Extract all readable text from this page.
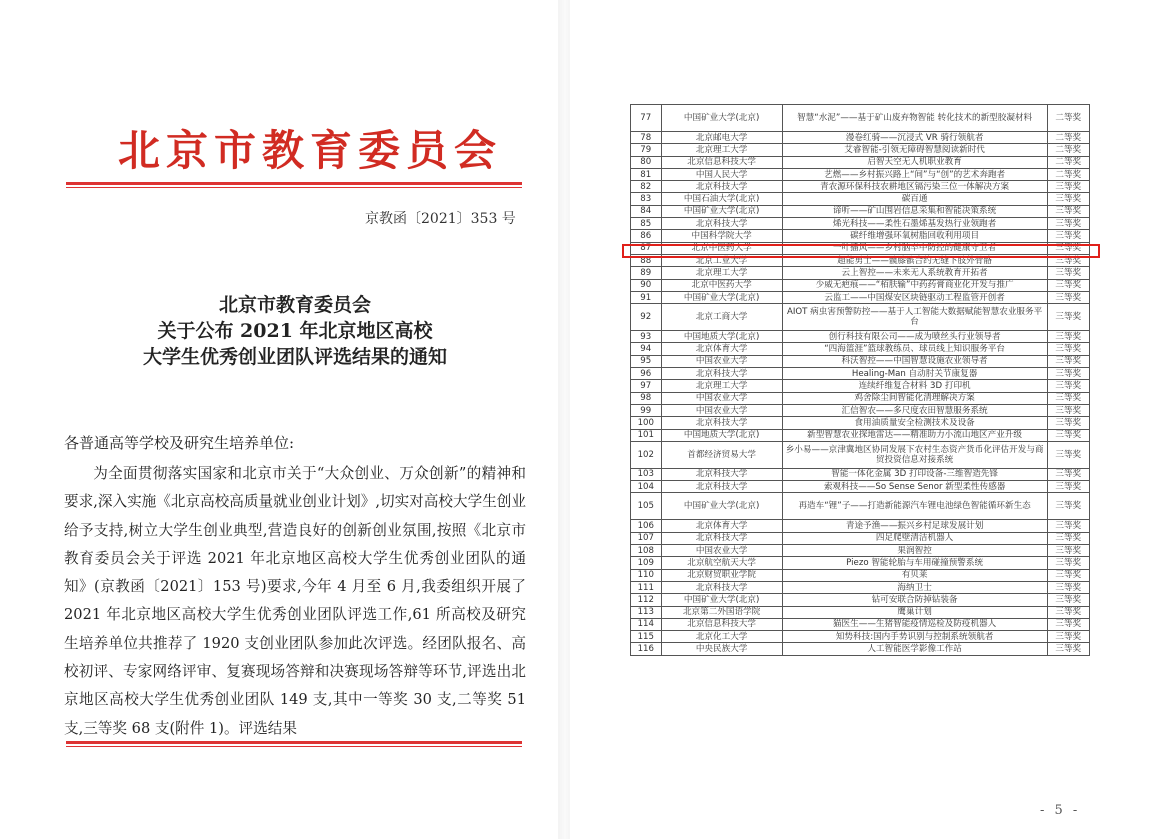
北京市教育委员会
京教函〔2021〕353 号
北京市教育委员会
关于公布 2021 年北京地区高校
大学生优秀创业团队评选结果的通知
各普通高等学校及研究生培养单位:
为全面贯彻落实国家和北京市关于“大众创业、万众创新”的精神和要求,深入实施《北京高校高质量就业创业计划》,切实对高校大学生创业给予支持,树立大学生创业典型,营造良好的创新创业氛围,按照《北京市教育委员会关于评选 2021 年北京地区高校大学生优秀创业团队的通知》(京教函〔2021〕153 号)要求,今年 4 月至 6 月,我委组织开展了 2021 年北京地区高校大学生优秀创业团队评选工作,61 所高校及研究生培养单位共推荐了 1920 支创业团队参加此次评选。经团队报名、高校初评、专家网络评审、复赛现场答辩和决赛现场答辩等环节,评选出北京地区高校大学生优秀创业团队 149 支,其中一等奖 30 支,二等奖 51 支,三等奖 68 支(附件 1)。评选结果
77	中国矿业大学(北京)	智慧“水泥”——基于矿山废弃物智能 转化技术的新型胶凝材料	二等奖
78	北京邮电大学	漫卷红骑——沉浸式 VR 骑行领航者	二等奖
79	北京理工大学	艾睿智能-引领无障碍智慧阅读新时代	二等奖
80	北京信息科技大学	启智天空无人机职业教育	二等奖
81	中国人民大学	艺燃——乡村振兴路上“间”与“创”的艺术奔跑者	二等奖
82	北京科技大学	青农源环保科技农耕地区镉污染三位一体解决方案	三等奖
83	中国石油大学(北京)	碳百通	三等奖
84	中国矿业大学(北京)	谛听——矿山围岩信息采集和智能决策系统	三等奖
85	北京科技大学	烯光科技——柔性石墨烯基发热行业领跑者	三等奖
86	中国科学院大学	碳纤维增强环氧树脂回收利用项目	三等奖
87	北京中医药大学	一叶播风——乡村脑卒中防控的健康守卫者	三等奖
88	北京工业大学	超能勇士——髋膝髌合约无缝下肢外骨骼	三等奖
89	北京理工大学	云上智控——未来无人系统教育开拓者	三等奖
90	北京中医药大学	少威无疤痕——“栢肤输”中药药膏商业化开发与推广	三等奖
91	中国矿业大学(北京)	云监工——中国煤安区块链驱动工程监管开创者	三等奖
92	北京工商大学	AIOT 病虫害预警防控——基于人工智能大数据赋能智慧农业服务平台	三等奖
93	中国地质大学(北京)	创行科技有限公司——成为喷丝头行业领导者	三等奖
94	北京体育大学	“四海篮涯”篮球教练员、球员线上知识服务平台	三等奖
95	中国农业大学	科沃智控——中国智慧设施农业领导者	三等奖
96	北京科技大学	Healing-Man 自动肘关节康复器	三等奖
97	北京理工大学	连续纤维复合材料 3D 打印机	三等奖
98	中国农业大学	鸡舍除尘间智能化清理解决方案	三等奖
99	中国农业大学	汇信智农——多尺度农田智慧服务系统	三等奖
100	北京科技大学	食用油质量安全检测技术及设备	三等奖
101	中国地质大学(北京)	新型智慧农业探地雷达——精准助力小流山地区产业升级	三等奖
102	首都经济贸易大学	乡小易——京津冀地区协同发展下农村生态资产货币化评估开发与商贸投资信息对接系统	三等奖
103	北京科技大学	智能一体化金属 3D 打印设备-三维智造先锋	三等奖
104	北京科技大学	索观科技——So Sense Senor 新型柔性传感器	三等奖
105	中国矿业大学(北京)	再造车“锂”子——打造新能源汽车锂电池绿色智能循环新生态	三等奖
106	北京体育大学	青途予渔——振兴乡村足球发展计划	三等奖
107	北京科技大学	四足爬壁清洁机器人	三等奖
108	中国农业大学	果润智控	三等奖
109	北京航空航天大学	Piezo 智能轮胎与车用碰撞预警系统	三等奖
110	北京财贸职业学院	有贝莱	三等奖
111	北京科技大学	海纳卫士	三等奖
112	中国矿业大学(北京)	钻可安联合防掉钻装备	三等奖
113	北京第二外国语学院	鹰巢计划	三等奖
114	北京信息科技大学	猫医生——生猪智能疫情巡检及防疫机器人	三等奖
115	北京化工大学	知势科技:国内手势识别与控制系统领航者	三等奖
116	中央民族大学	人工智能医学影像工作站	三等奖
- 5 -
